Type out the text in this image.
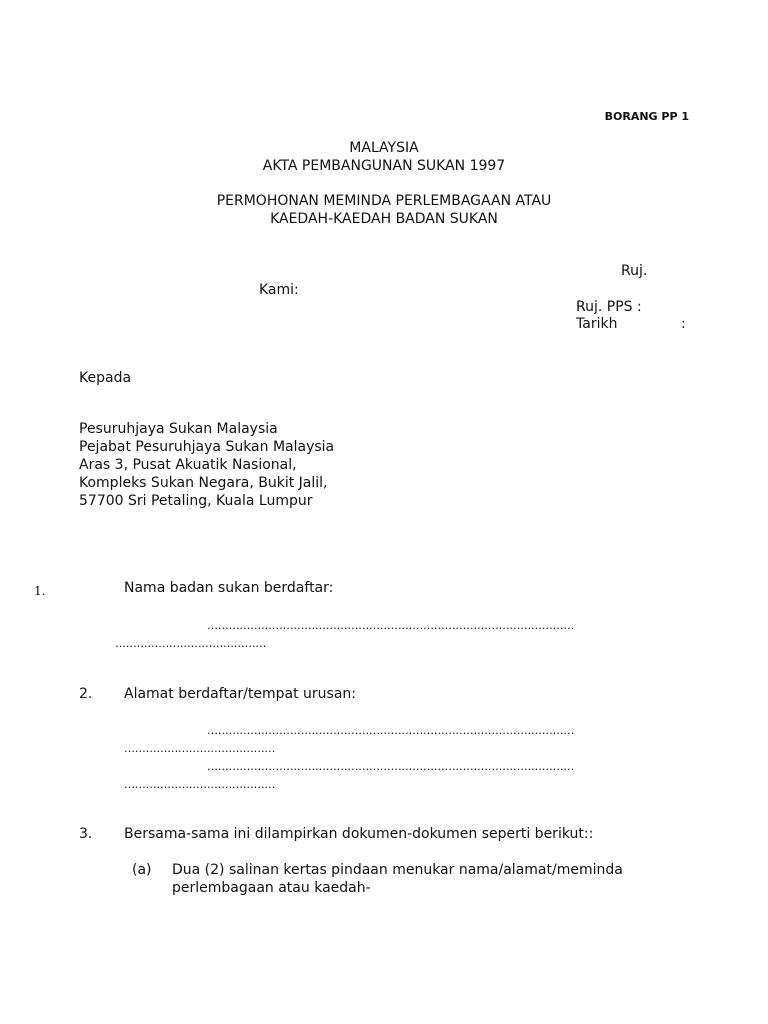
BORANG PP 1
MALAYSIA
AKTA PEMBANGUNAN SUKAN 1997
PERMOHONAN MEMINDA PERLEMBAGAAN ATAU
KAEDAH-KAEDAH BADAN SUKAN
Ruj.
Kami:
Ruj. PPS :
Tarikh	:
Kepada
Pesuruhjaya Sukan Malaysia
Pejabat Pesuruhjaya Sukan Malaysia
Aras 3, Pusat Akuatik Nasional,
Kompleks Sukan Negara, Bukit Jalil,
57700 Sri Petaling, Kuala Lumpur
1.	Nama badan sukan berdaftar:
…………………………………………………………………………………………
……………………………………
2. Alamat berdaftar/tempat urusan:
…………………………………………………………………………………………
……………………………………
…………………………………………………………………………………………
……………………………………
3. Bersama-sama ini dilampirkan dokumen-dokumen seperti berikut::
(a) Dua (2) salinan kertas pindaan menukar nama/alamat/meminda
perlembagaan atau kaedah-
